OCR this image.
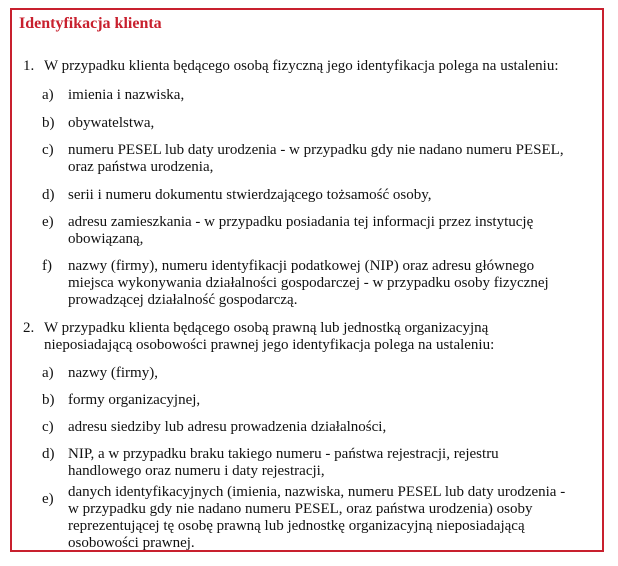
Identyfikacja klienta
1. W przypadku klienta będącego osobą fizyczną jego identyfikacja polega na ustaleniu:
a) imienia i nazwiska,
b) obywatelstwa,
c) numeru PESEL lub daty urodzenia - w przypadku gdy nie nadano numeru PESEL,
oraz państwa urodzenia,
d) serii i numeru dokumentu stwierdzającego tożsamość osoby,
e) adresu zamieszkania - w przypadku posiadania tej informacji przez instytucję
obowiązaną,
f) nazwy (firmy), numeru identyfikacji podatkowej (NIP) oraz adresu głównego
miejsca wykonywania działalności gospodarczej - w przypadku osoby fizycznej
prowadzącej działalność gospodarczą.
2. W przypadku klienta będącego osobą prawną lub jednostką organizacyjną
nieposiadającą osobowości prawnej jego identyfikacja polega na ustaleniu:
a) nazwy (firmy),
b) formy organizacyjnej,
c) adresu siedziby lub adresu prowadzenia działalności,
d) NIP, a w przypadku braku takiego numeru - państwa rejestracji, rejestru
handlowego oraz numeru i daty rejestracji,
e) danych identyfikacyjnych (imienia, nazwiska, numeru PESEL lub daty urodzenia -
w przypadku gdy nie nadano numeru PESEL, oraz państwa urodzenia) osoby
reprezentującej tę osobę prawną lub jednostkę organizacyjną nieposiadającą
osobowości prawnej.
